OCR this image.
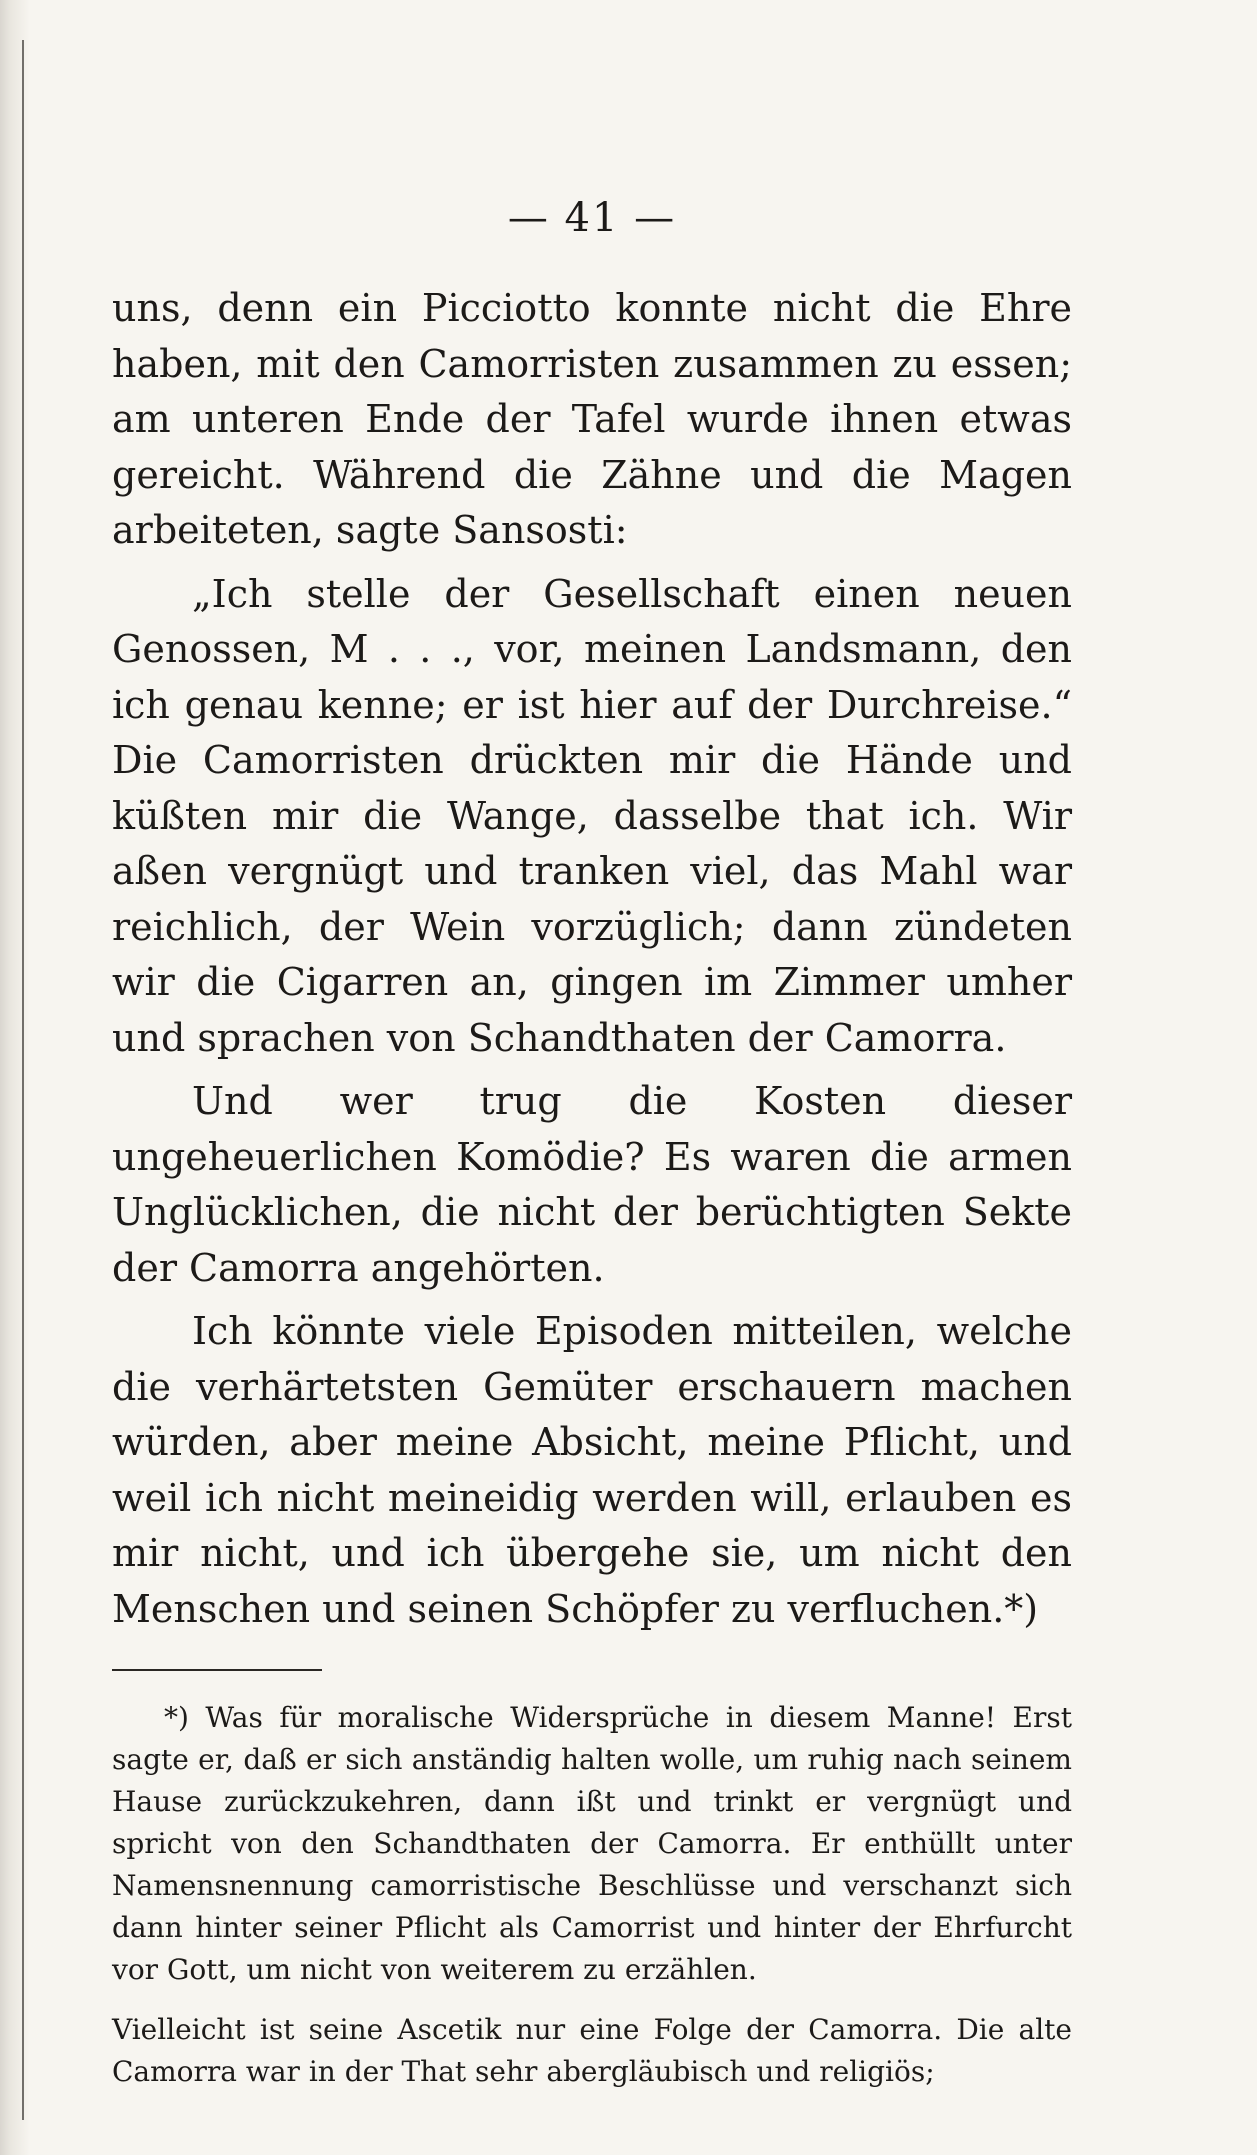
— 41 —

uns, denn ein Picciotto konnte nicht die Ehre haben, mit den Camorristen zusammen zu essen; am unteren Ende der Tafel wurde ihnen etwas gereicht. Während die Zähne und die Magen arbeiteten, sagte Sansosti:

„Ich stelle der Gesellschaft einen neuen Genossen, M . . ., vor, meinen Landsmann, den ich genau kenne; er ist hier auf der Durchreise.“ Die Camorristen drückten mir die Hände und küßten mir die Wange, dasselbe that ich. Wir aßen vergnügt und tranken viel, das Mahl war reichlich, der Wein vorzüglich; dann zündeten wir die Cigarren an, gingen im Zimmer umher und sprachen von Schandthaten der Camorra.

Und wer trug die Kosten dieser ungeheuerlichen Komödie? Es waren die armen Unglücklichen, die nicht der berüchtigten Sekte der Camorra angehörten.

Ich könnte viele Episoden mitteilen, welche die verhärtetsten Gemüter erschauern machen würden, aber meine Absicht, meine Pflicht, und weil ich nicht meineidig werden will, erlauben es mir nicht, und ich übergehe sie, um nicht den Menschen und seinen Schöpfer zu verfluchen.*)

*) Was für moralische Widersprüche in diesem Manne! Erst sagte er, daß er sich anständig halten wolle, um ruhig nach seinem Hause zurückzukehren, dann ißt und trinkt er vergnügt und spricht von den Schandthaten der Camorra. Er enthüllt unter Namensnennung camorristische Beschlüsse und verschanzt sich dann hinter seiner Pflicht als Camorrist und hinter der Ehrfurcht vor Gott, um nicht von weiterem zu erzählen.

Vielleicht ist seine Ascetik nur eine Folge der Camorra. Die alte Camorra war in der That sehr abergläubisch und religiös;
